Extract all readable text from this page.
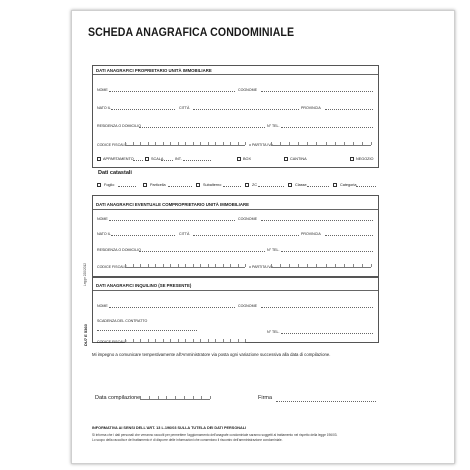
SCHEDA ANAGRAFICA CONDOMINIALE
DATI ANAGRAFICI PROPRIETARIO UNITÀ IMMOBILIARE
NOME	COGNOME
NATO IL	CITTÀ	PROVINCIA
RESIDENZA O DOMICILIO	N° TEL.
CODICE FISCALE	o PARTITA IVA
APPARTAMENTO	SCALA	INT.	BOX	CANTINA	NEGOZIO
Dati catastali
Foglio	Particella	Subalterno	ZC	Classe	Categoria
DATI ANAGRAFICI EVENTUALE COMPROPRIETARIO UNITÀ IMMOBILIARE
NOME	COGNOME
NATO IL	CITTÀ	PROVINCIA
RESIDENZA O DOMICILIO	N° TEL.
CODICE FISCALE	o PARTITA IVA
DATI ANAGRAFICI INQUILINO (SE PRESENTE)
NOME	COGNOME
SCADENZA DEL CONTRATTO
N° TEL.
CODICE FISCALE
Mi impegno a comunicare tempestivamente all'Amministratore via posta ogni variazione successiva alla data di compilazione.
Data compilazione	Firma
INFORMATIVA AI SENSI DELL'ART. 13 L.196/03 SULLA TUTELA DEI DATI PERSONALI
Si informa che i dati personali che verranno raccolti per permettere l'aggiornamento dell'anagrafe condominiale saranno soggetti al trattamento nel rispetto della legge 196/03.
Lo scopo della raccolta e del trattamento è di disporre delle informazioni che consentono il riscontro dell'amministrazione condominiale.
Legge 220/2012
DU7 E 5360
